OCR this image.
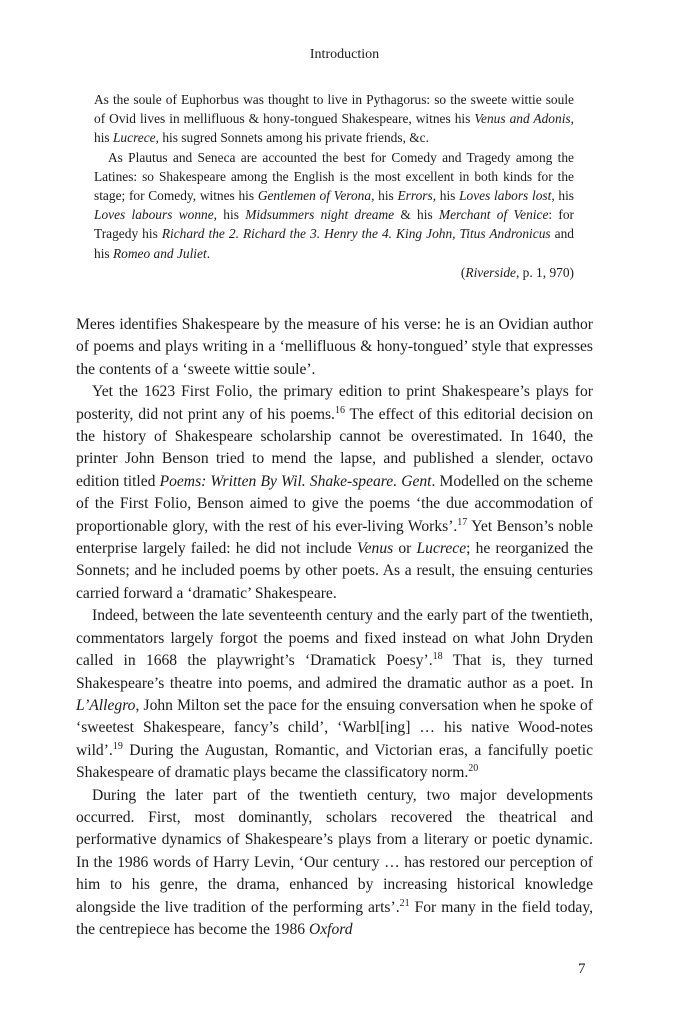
Introduction

As the soule of Euphorbus was thought to live in Pythagorus: so the sweete wittie soule of Ovid lives in mellifluous & hony-tongued Shakespeare, witnes his Venus and Adonis, his Lucrece, his sugred Sonnets among his private friends, &c.

As Plautus and Seneca are accounted the best for Comedy and Tragedy among the Latines: so Shakespeare among the English is the most excellent in both kinds for the stage; for Comedy, witnes his Gentlemen of Verona, his Errors, his Loves labors lost, his Loves labours wonne, his Midsummers night dreame & his Merchant of Venice: for Tragedy his Richard the 2. Richard the 3. Henry the 4. King John, Titus Andronicus and his Romeo and Juliet.

(Riverside, p. 1, 970)

Meres identifies Shakespeare by the measure of his verse: he is an Ovidian author of poems and plays writing in a ‘mellifluous & hony-tongued’ style that expresses the contents of a ‘sweete wittie soule’.

Yet the 1623 First Folio, the primary edition to print Shakespeare’s plays for posterity, did not print any of his poems.$^{16}$ The effect of this editorial decision on the history of Shakespeare scholarship cannot be overestimated. In 1640, the printer John Benson tried to mend the lapse, and published a slender, octavo edition titled Poems: Written By Wil. Shake-speare. Gent. Modelled on the scheme of the First Folio, Benson aimed to give the poems ‘the due accommodation of proportionable glory, with the rest of his ever-living Works’.$^{17}$ Yet Benson’s noble enterprise largely failed: he did not include Venus or Lucrece; he reorganized the Sonnets; and he included poems by other poets. As a result, the ensuing centuries carried forward a ‘dramatic’ Shakespeare.

Indeed, between the late seventeenth century and the early part of the twentieth, commentators largely forgot the poems and fixed instead on what John Dryden called in 1668 the playwright’s ‘Dramatick Poesy’.$^{18}$ That is, they turned Shakespeare’s theatre into poems, and admired the dramatic author as a poet. In L’Allegro, John Milton set the pace for the ensuing conversation when he spoke of ‘sweetest Shakespeare, fancy’s child’, ‘Warbl[ing] … his native Wood-notes wild’.$^{19}$ During the Augustan, Romantic, and Victorian eras, a fancifully poetic Shakespeare of dramatic plays became the classificatory norm.$^{20}$

During the later part of the twentieth century, two major developments occurred. First, most dominantly, scholars recovered the theatrical and performative dynamics of Shakespeare’s plays from a literary or poetic dynamic. In the 1986 words of Harry Levin, ‘Our century … has restored our perception of him to his genre, the drama, enhanced by increasing historical knowledge alongside the live tradition of the performing arts’.$^{21}$ For many in the field today, the centrepiece has become the 1986 Oxford

7
